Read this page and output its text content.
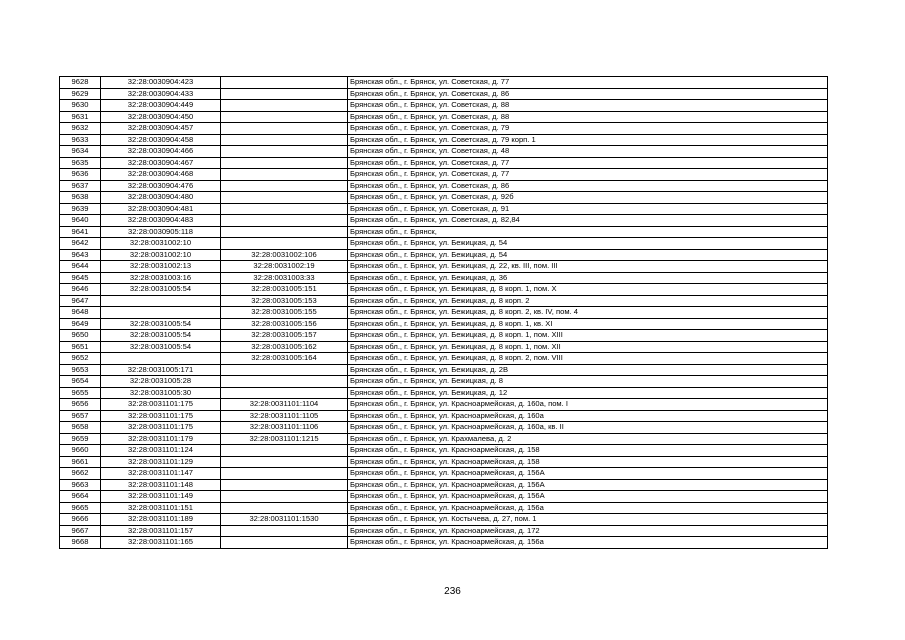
9628	32:28:0030904:423		Брянская обл., г. Брянск, ул. Советская, д. 77
9629	32:28:0030904:433		Брянская обл., г. Брянск, ул. Советская, д. 86
9630	32:28:0030904:449		Брянская обл., г. Брянск, ул. Советская, д. 88
9631	32:28:0030904:450		Брянская обл., г. Брянск, ул. Советская, д. 88
9632	32:28:0030904:457		Брянская обл., г. Брянск, ул. Советская, д. 79
9633	32:28:0030904:458		Брянская обл., г. Брянск, ул. Советская, д. 79 корп. 1
9634	32:28:0030904:466		Брянская обл., г. Брянск, ул. Советская, д. 48
9635	32:28:0030904:467		Брянская обл., г. Брянск, ул. Советская, д. 77
9636	32:28:0030904:468		Брянская обл., г. Брянск, ул. Советская, д. 77
9637	32:28:0030904:476		Брянская обл., г. Брянск, ул. Советская, д. 86
9638	32:28:0030904:480		Брянская обл., г. Брянск, ул. Советская, д. 92б
9639	32:28:0030904:481		Брянская обл., г. Брянск, ул. Советская, д. 91
9640	32:28:0030904:483		Брянская обл., г. Брянск, ул. Советская, д. 82,84
9641	32:28:0030905:118		Брянская обл., г. Брянск,
9642	32:28:0031002:10		Брянская обл., г. Брянск, ул. Бежицкая, д. 54
9643	32:28:0031002:10	32:28:0031002:106	Брянская обл., г. Брянск, ул. Бежицкая, д. 54
9644	32:28:0031002:13	32:28:0031002:19	Брянская обл., г. Брянск, ул. Бежицкая, д. 22, кв. III, пом. III
9645	32:28:0031003:16	32:28:0031003:33	Брянская обл., г. Брянск, ул. Бежицкая, д. 36
9646	32:28:0031005:54	32:28:0031005:151	Брянская обл., г. Брянск, ул. Бежицкая, д. 8 корп. 1, пом. X
9647		32:28:0031005:153	Брянская обл., г. Брянск, ул. Бежицкая, д. 8 корп. 2
9648		32:28:0031005:155	Брянская обл., г. Брянск, ул. Бежицкая, д. 8 корп. 2, кв. IV, пом. 4
9649	32:28:0031005:54	32:28:0031005:156	Брянская обл., г. Брянск, ул. Бежицкая, д. 8 корп. 1, кв. XI
9650	32:28:0031005:54	32:28:0031005:157	Брянская обл., г. Брянск, ул. Бежицкая, д. 8 корп. 1, пом. XIII
9651	32:28:0031005:54	32:28:0031005:162	Брянская обл., г. Брянск, ул. Бежицкая, д. 8 корп. 1, пом. XII
9652		32:28:0031005:164	Брянская обл., г. Брянск, ул. Бежицкая, д. 8 корп. 2, пом. VIII
9653	32:28:0031005:171		Брянская обл., г. Брянск, ул. Бежицкая, д. 2В
9654	32:28:0031005:28		Брянская обл., г. Брянск, ул. Бежицкая, д. 8
9655	32:28:0031005:30		Брянская обл., г. Брянск, ул. Бежицкая, д. 12
9656	32:28:0031101:175	32:28:0031101:1104	Брянская обл., г. Брянск, ул. Красноармейская, д. 160а, пом. I
9657	32:28:0031101:175	32:28:0031101:1105	Брянская обл., г. Брянск, ул. Красноармейская, д. 160а
9658	32:28:0031101:175	32:28:0031101:1106	Брянская обл., г. Брянск, ул. Красноармейская, д. 160а, кв. II
9659	32:28:0031101:179	32:28:0031101:1215	Брянская обл., г. Брянск, ул. Крахмалева, д. 2
9660	32:28:0031101:124		Брянская обл., г. Брянск, ул. Красноармейская, д. 158
9661	32:28:0031101:129		Брянская обл., г. Брянск, ул. Красноармейская, д. 158
9662	32:28:0031101:147		Брянская обл., г. Брянск, ул. Красноармейская, д. 156А
9663	32:28:0031101:148		Брянская обл., г. Брянск, ул. Красноармейская, д. 156А
9664	32:28:0031101:149		Брянская обл., г. Брянск, ул. Красноармейская, д. 156А
9665	32:28:0031101:151		Брянская обл., г. Брянск, ул. Красноармейская, д. 156а
9666	32:28:0031101:189	32:28:0031101:1530	Брянская обл., г. Брянск, ул. Костычева, д. 27, пом. 1
9667	32:28:0031101:157		Брянская обл., г. Брянск, ул. Красноармейская, д. 172
9668	32:28:0031101:165		Брянская обл., г. Брянск, ул. Красноармейская, д. 156а
236
